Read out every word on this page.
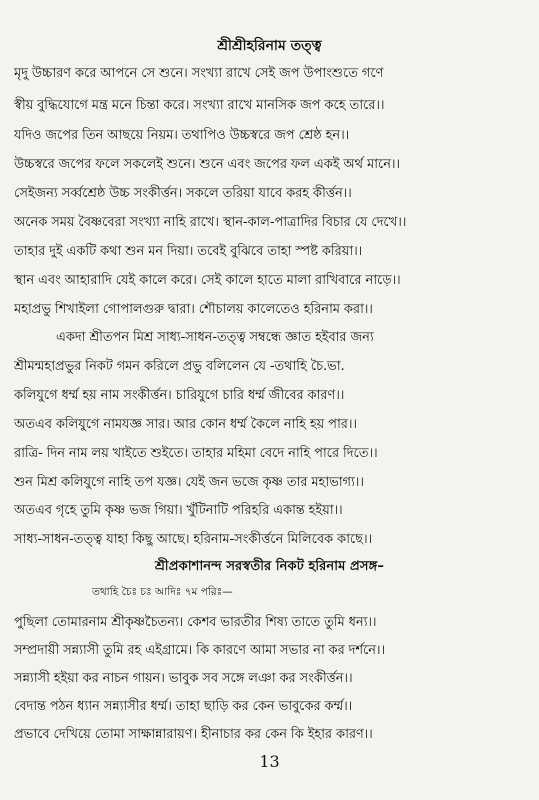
শ্রীশ্রীহরিনাম তত্ত্ব
মৃদু উচ্চারণ করে আপনে সে শুনে। সংখ্যা রাখে সেই জপ উপাংশুতে গণে
স্বীয় বুদ্ধিযোগে মন্ত্র মনে চিন্তা করে। সংখ্যা রাখে মানসিক জপ কহে তারে।।
যদিও জপের তিন আছয়ে নিয়ম। তথাপিও উচ্চস্বরে জপ শ্রেষ্ঠ হন।।
উচ্চস্বরে জপের ফলে সকলেই শুনে। শুনে এবং জপের ফল একই অর্থ মানে।।
সেইজন্য সর্ব্বশ্রেষ্ঠ উচ্চ সংকীর্ত্তন। সকলে তরিয়া যাবে করহ কীর্ত্তন।।
অনেক সময় বৈষ্ণবেরা সংখ্যা নাহি রাখে। স্থান-কাল-পাত্রাদির বিচার যে দেখে।।
তাহার দুই একটি কথা শুন মন দিয়া। তবেই বুঝিবে তাহা স্পষ্ট করিয়া।।
স্থান এবং আহারাদি যেই কালে করে। সেই কালে হাতে মালা রাখিবারে নাড়ে।।
মহাপ্রভু শিখাইলা গোপালগুরু দ্বারা। শৌচালয় কালেতেও হরিনাম করা।।
একদা শ্রীতপন মিশ্র সাধ্য-সাধন-তত্ত্ব সম্বন্ধে জ্ঞাত হইবার জন্য
শ্রীমন্মহাপ্রভুর নিকট গমন করিলে প্রভু বলিলেন যে -তথাহি চৈ.ভা.
কলিযুগে ধর্ম্ম হয় নাম সংকীর্ত্তন। চারিযুগে চারি ধর্ম্ম জীবের কারণ।।
অতএব কলিযুগে নামযজ্ঞ সার। আর কোন ধর্ম্ম কৈলে নাহি হয় পার।।
রাত্রি- দিন নাম লয় খাইতে শুইতে। তাহার মহিমা বেদে নাহি পারে দিতে।।
শুন মিশ্র কলিযুগে নাহি তপ যজ্ঞ। যেই জন ভজে কৃষ্ণ তার মহাভাগ্য।।
অতএব গৃহে তুমি কৃষ্ণ ভজ গিয়া। খুঁটিনাটি পরিহরি একান্ত হইয়া।।
সাধ্য-সাধন-তত্ত্ব যাহা কিছু আছে। হরিনাম-সংকীর্ত্তনে মিলিবেক কাছে।।
শ্রীপ্রকাশানন্দ সরস্বতীর নিকট হরিনাম প্রসঙ্গ–
তথাহি চৈঃ চঃ আদিঃ ৭ম পরিঃ—
পুছিলা তোমারনাম শ্রীকৃষ্ণচৈতন্য। কেশব ভারতীর শিষ্য তাতে তুমি ধন্য।।
সম্প্রদায়ী সন্ন্যাসী তুমি রহ এইগ্রামে। কি কারণে আমা সভার না কর দর্শনে।।
সন্ন্যাসী হইয়া কর নাচন গায়ন। ভাবুক সব সঙ্গে লঞা কর সংকীর্ত্তন।।
বেদান্ত পঠন ধ্যান সন্ন্যাসীর ধর্ম্ম। তাহা ছাড়ি কর কেন ভাবুকের কর্ম্ম।।
প্রভাবে দেখিয়ে তোমা সাক্ষান্নারায়ণ। হীনাচার কর কেন কি ইহার কারণ।।
13
